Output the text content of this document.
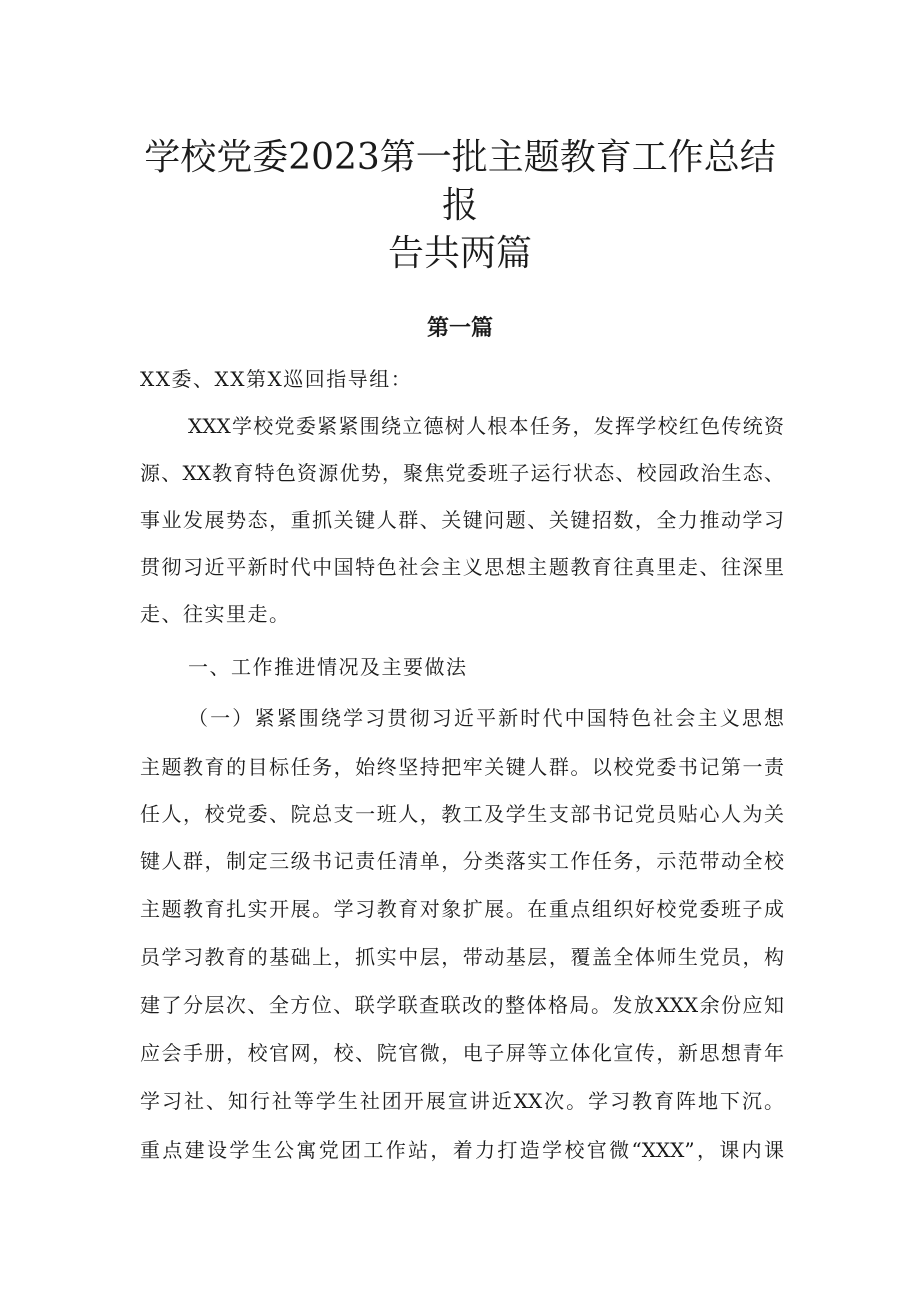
学校党委2023第一批主题教育工作总结报
告共两篇
第一篇

XX委、XX第X巡回指导组：

XXX学校党委紧紧围绕立德树人根本任务，发挥学校红色传统资

源、XX教育特色资源优势，聚焦党委班子运行状态、校园政治生态、

事业发展势态，重抓关键人群、关键问题、关键招数，全力推动学习

贯彻习近平新时代中国特色社会主义思想主题教育往真里走、往深里

走、往实里走。

一、工作推进情况及主要做法

（一）紧紧围绕学习贯彻习近平新时代中国特色社会主义思想

主题教育的目标任务，始终坚持把牢关键人群。以校党委书记第一责

任人，校党委、院总支一班人，教工及学生支部书记党员贴心人为关

键人群，制定三级书记责任清单，分类落实工作任务，示范带动全校

主题教育扎实开展。学习教育对象扩展。在重点组织好校党委班子成

员学习教育的基础上，抓实中层，带动基层，覆盖全体师生党员，构

建了分层次、全方位、联学联查联改的整体格局。发放XXX余份应知

应会手册，校官网，校、院官微，电子屏等立体化宣传，新思想青年

学习社、知行社等学生社团开展宣讲近XX次。学习教育阵地下沉。

重点建设学生公寓党团工作站，着力打造学校官微“XXX”，课内课
